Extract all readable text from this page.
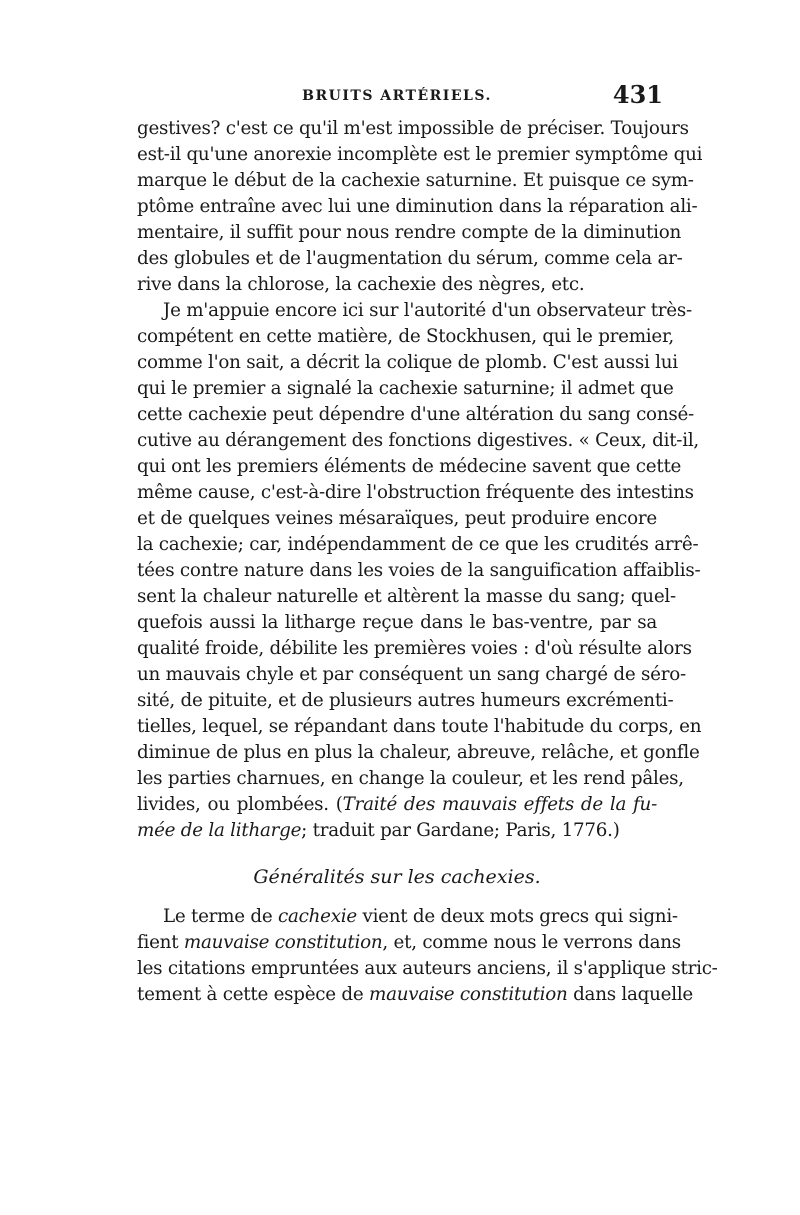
BRUITS ARTÉRIELS.	431
gestives? c'est ce qu'il m'est impossible de préciser. Toujours
est-il qu'une anorexie incomplète est le premier symptôme qui
marque le début de la cachexie saturnine. Et puisque ce sym-
ptôme entraîne avec lui une diminution dans la réparation ali-
mentaire, il suffit pour nous rendre compte de la diminution
des globules et de l'augmentation du sérum, comme cela ar-
rive dans la chlorose, la cachexie des nègres, etc.
Je m'appuie encore ici sur l'autorité d'un observateur très-
compétent en cette matière, de Stockhusen, qui le premier,
comme l'on sait, a décrit la colique de plomb. C'est aussi lui
qui le premier a signalé la cachexie saturnine; il admet que
cette cachexie peut dépendre d'une altération du sang consé-
cutive au dérangement des fonctions digestives. « Ceux, dit-il,
qui ont les premiers éléments de médecine savent que cette
même cause, c'est-à-dire l'obstruction fréquente des intestins
et de quelques veines mésaraïques, peut produire encore
la cachexie; car, indépendamment de ce que les crudités arrê-
tées contre nature dans les voies de la sanguification affaiblis-
sent la chaleur naturelle et altèrent la masse du sang; quel-
quefois aussi la litharge reçue dans le bas-ventre, par sa
qualité froide, débilite les premières voies : d'où résulte alors
un mauvais chyle et par conséquent un sang chargé de séro-
sité, de pituite, et de plusieurs autres humeurs excrémenti-
tielles, lequel, se répandant dans toute l'habitude du corps, en
diminue de plus en plus la chaleur, abreuve, relâche, et gonfle
les parties charnues, en change la couleur, et les rend pâles,
livides, ou plombées. (Traité des mauvais effets de la fu-
mée de la litharge; traduit par Gardane; Paris, 1776.)
Généralités sur les cachexies.
Le terme de cachexie vient de deux mots grecs qui signi-
fient mauvaise constitution, et, comme nous le verrons dans
les citations empruntées aux auteurs anciens, il s'applique stric-
tement à cette espèce de mauvaise constitution dans laquelle
